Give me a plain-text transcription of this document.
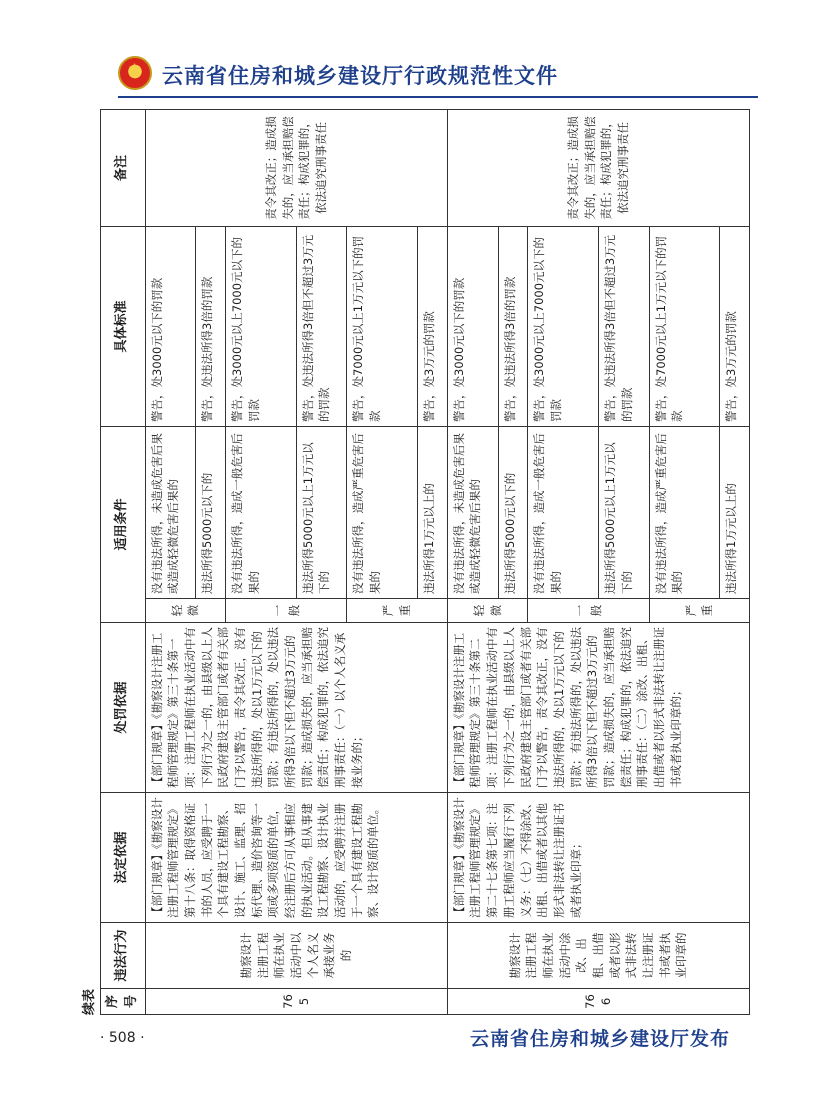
★
云南省住房和城乡建设厅行政规范性文件
续表 序号	违法行为	法定依据	处罚依据	适用条件		具体标准	备注
765	勘察设计注册工程师在执业活动中以个人名义承接业务的	【部门规章】《勘察设计注册工程师管理规定》第十八条：取得资格证书的人员，应受聘于一个具有建设工程勘察、设计、施工、监理、招标代理、造价咨询等一项或多项资质的单位，经注册后方可从事相应的执业活动。但从事建设工程勘察、设计执业活动的，应受聘并注册于一个具有建设工程勘察、设计资质的单位。	【部门规章】《勘察设计注册工程师管理规定》第三十条第一项：注册工程师在执业活动中有下列行为之一的，由县级以上人民政府建设主管部门或者有关部门予以警告，责令其改正，没有违法所得的，处以1万元以下的罚款；有违法所得的，处以违法所得3倍以下但不超过3万元的罚款；造成损失的，应当承担赔偿责任；构成犯罪的，依法追究刑事责任：（一）以个人名义承接业务的；	轻微	没有违法所得，未造成危害后果或造成轻微危害后果的	警告，处3000元以下的罚款	责令其改正；造成损失的，应当承担赔偿责任；构成犯罪的，依法追究刑事责任
					违法所得5000元以下的	警告，处违法所得3倍的罚款	
				一般	没有违法所得，造成一般危害后果的	警告，处3000元以上7000元以下的罚款	
					违法所得5000元以上1万元以下的	警告，处违法所得3倍但不超过3万元的罚款	
				严重	没有违法所得，造成严重危害后果的	警告，处7000元以上1万元以下的罚款	
					违法所得1万元以上的	警告，处3万元的罚款	
766	勘察设计注册工程师在执业活动中涂改、出租、出借或者以形式非法转让注册证书或者执业印章的	【部门规章】《勘察设计注册工程师管理规定》第二十七条第七项：注册工程师应当履行下列义务：（七）不得涂改、出租、出借或者以其他形式非法转让注册证书或者执业印章；	【部门规章】《勘察设计注册工程师管理规定》第三十条第二项：注册工程师在执业活动中有下列行为之一的，由县级以上人民政府建设主管部门或者有关部门予以警告，责令其改正，没有违法所得的，处以1万元以下的罚款；有违法所得的，处以违法所得3倍以下但不超过3万元的罚款；造成损失的，应当承担赔偿责任；构成犯罪的，依法追究刑事责任：（二）涂改、出租、出借或者以形式非法转让注册证书或者执业印章的；	轻微	没有违法所得，未造成危害后果或造成轻微危害后果的	警告，处3000元以下的罚款	责令其改正；造成损失的，应当承担赔偿责任；构成犯罪的，依法追究刑事责任
					违法所得5000元以下的	警告，处违法所得3倍的罚款	
				一般	没有违法所得，造成一般危害后果的	警告，处3000元以上7000元以下的罚款	
					违法所得5000元以上1万元以下的	警告，处违法所得3倍但不超过3万元的罚款	
				严重	没有违法所得，造成严重危害后果的	警告，处7000元以上1万元以下的罚款	
					违法所得1万元以上的	警告，处3万元的罚款	
· 508 ·	云南省住房和城乡建设厅发布
